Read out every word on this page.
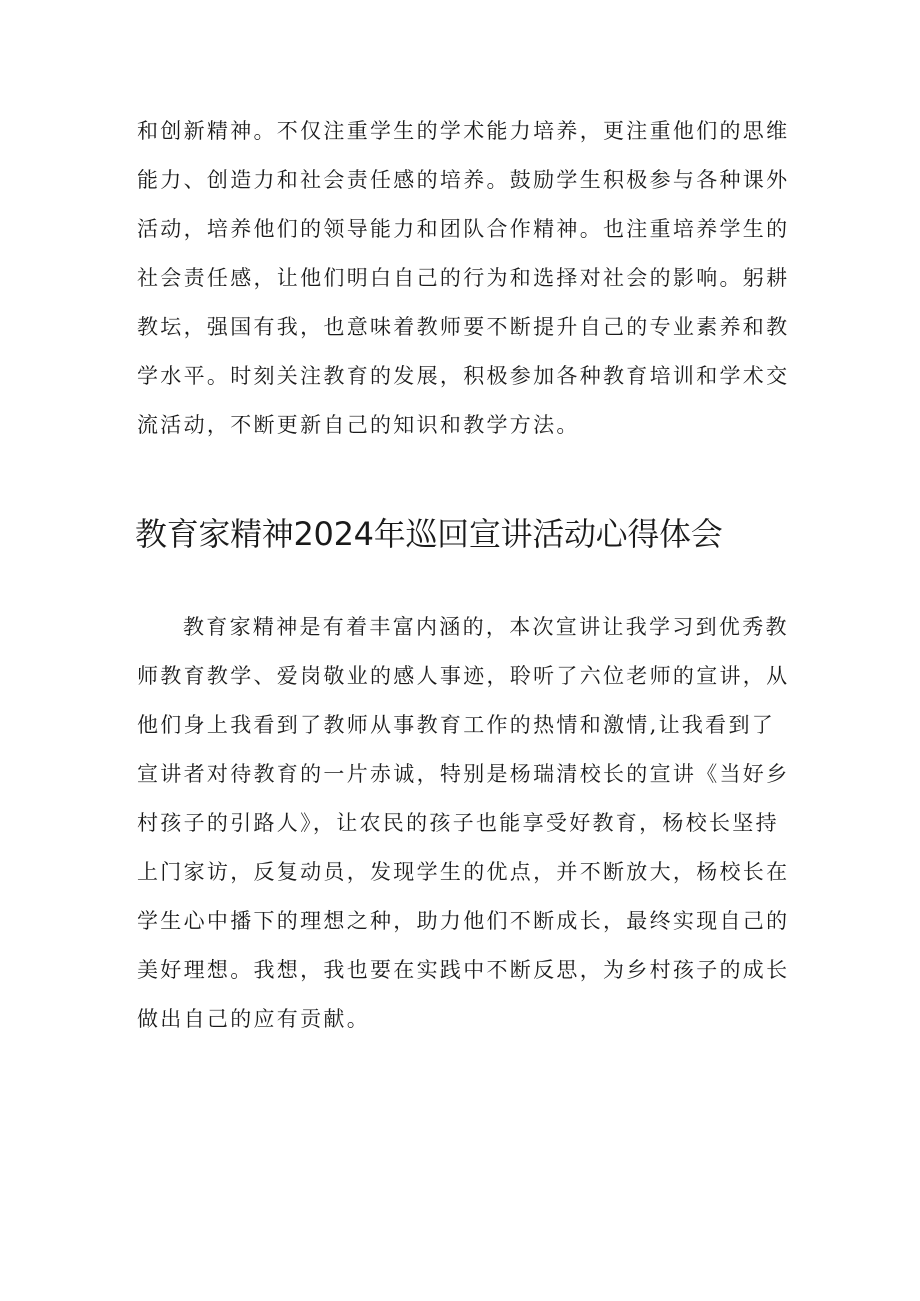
和创新精神。不仅注重学生的学术能力培养，更注重他们的思维
能力、创造力和社会责任感的培养。鼓励学生积极参与各种课外
活动，培养他们的领导能力和团队合作精神。也注重培养学生的
社会责任感，让他们明白自己的行为和选择对社会的影响。躬耕
教坛，强国有我，也意味着教师要不断提升自己的专业素养和教
学水平。时刻关注教育的发展，积极参加各种教育培训和学术交
流活动，不断更新自己的知识和教学方法。
教育家精神2024年巡回宣讲活动心得体会
教育家精神是有着丰富内涵的，本次宣讲让我学习到优秀教
师教育教学、爱岗敬业的感人事迹，聆听了六位老师的宣讲，从
他们身上我看到了教师从事教育工作的热情和激情,让我看到了
宣讲者对待教育的一片赤诚，特别是杨瑞清校长的宣讲《当好乡
村孩子的引路人》，让农民的孩子也能享受好教育，杨校长坚持
上门家访，反复动员，发现学生的优点，并不断放大，杨校长在
学生心中播下的理想之种，助力他们不断成长，最终实现自己的
美好理想。我想，我也要在实践中不断反思，为乡村孩子的成长
做出自己的应有贡献。
